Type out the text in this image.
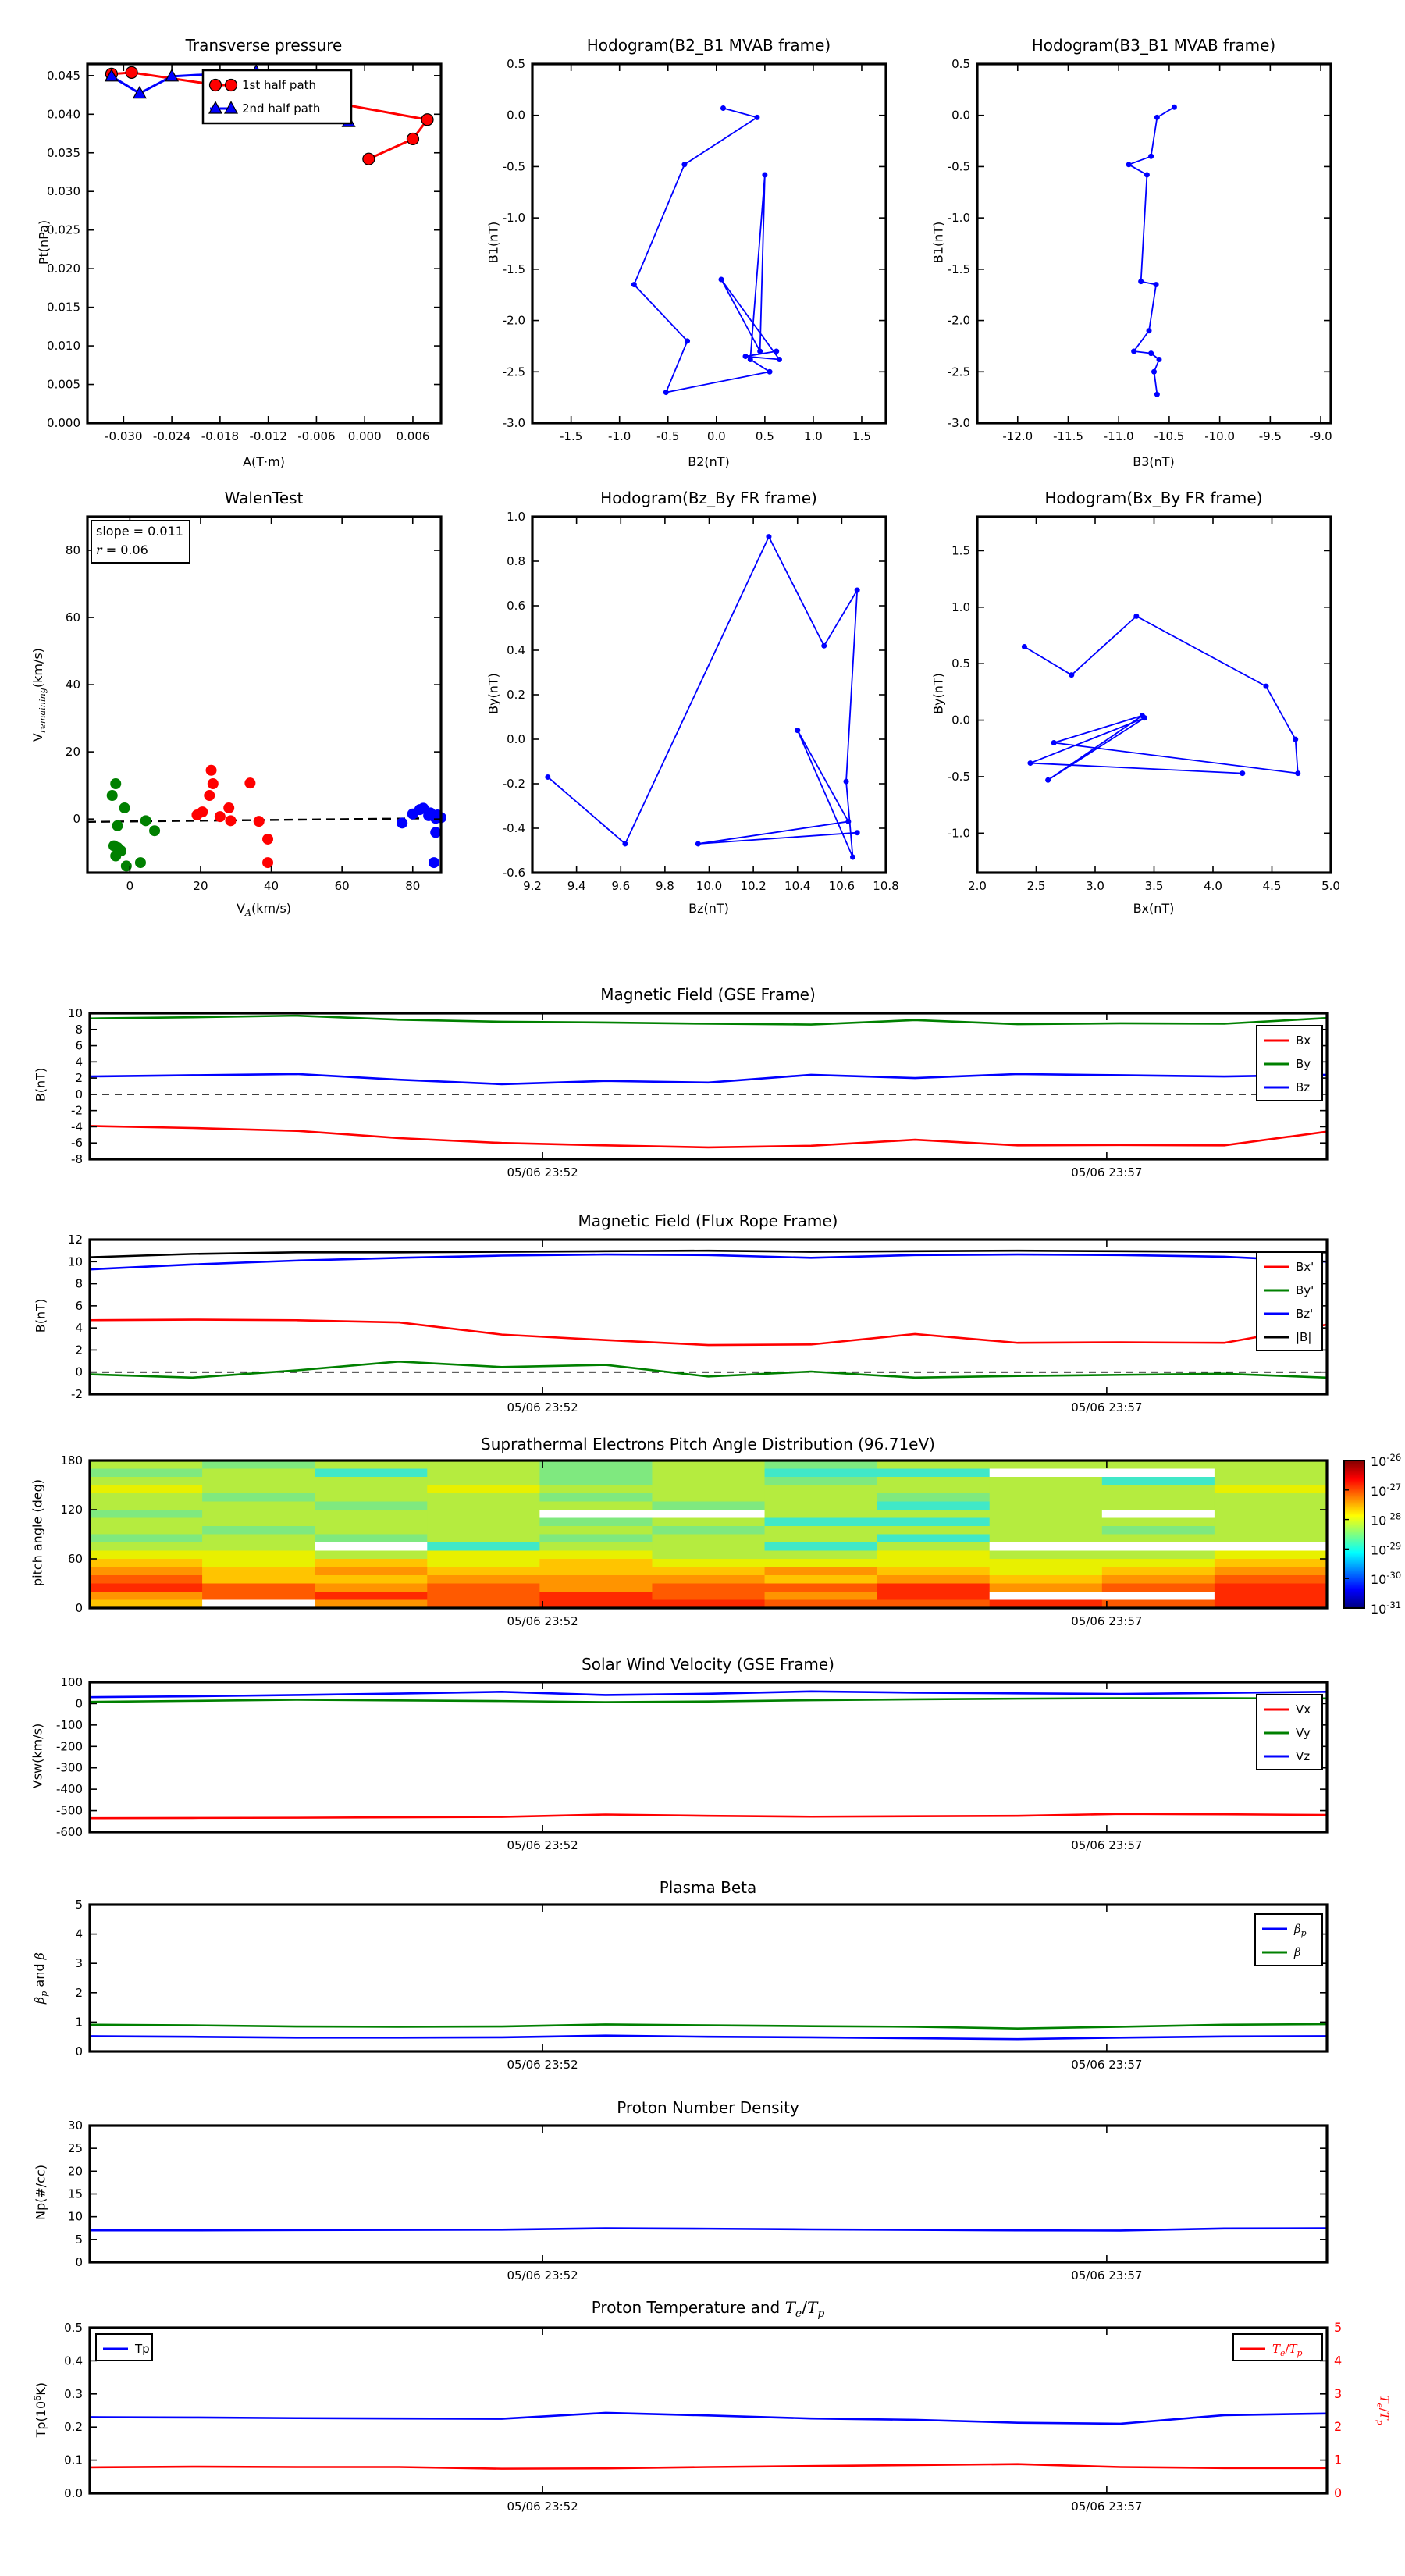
-0.030 -0.024 -0.018 -0.012 -0.006 0.000 0.006
0.000
0.005
0.010
0.015
0.020
0.025
0.030
0.035
0.040
0.045
1st half path
2nd half path
-1.5 -1.0 -0.5 0.0	0.5	1.0	1.5
0.5
0.0
-0.5
-1.0
-1.5
-2.0
-2.5
-3.0
-12.0 -11.5 -11.0 -10.5 -10.0 -9.5 -9.0
0.5
0.0
-0.5
-1.0
-1.5
-2.0
-2.5
-3.0
0	20	40	60	80
0
20
40
60
80
9.2 9.4 9.6 9.8 10.0 10.2 10.4 10.6 10.8
1.0
0.8
0.6
0.4
0.2
0.0
-0.2
-0.4
-0.6
2.0	2.5	3.0	3.5	4.0	4.5	5.0
1.5
1.0
0.5
0.0
-0.5
-1.0
05/06 23:52	05/06 23:57
-8
-6
-4
-2
0
2
4
6
8
10
Bx
By
Bz
05/06 23:52	05/06 23:57
-2
0
2
4
6
8
10
12
Bx'
By'
Bz'
|B|
05/06 23:52	05/06 23:57
0
60
120
180
05/06 23:52	05/06 23:57
-600
-500
-400
-300
-200
-100
0
100
Vx
Vy
Vz
05/06 23:52	05/06 23:57
0
1
2
3
4
5
$\beta_p$
β
05/06 23:52	05/06 23:57
0
5
10
15
20
25
30
05/06 23:52	05/06 23:57
0.0
0.1
0.2
0.3
0.4
0.5
0
1
2
3
4
5
Tp	$T_e/T_p$
$10^{-26}$
$10^{-27}$
$10^{-28}$
$10^{-29}$
$10^{-30}$
$10^{-31}$
Transverse pressure	Hodogram(B2_B1 MVAB frame)	Hodogram(B3_B1 MVAB frame)
WalenTest	Hodogram(Bz_By FR frame)	Hodogram(Bx_By FR frame)
Magnetic Field (GSE Frame)
Magnetic Field (Flux Rope Frame)
Suprathermal Electrons Pitch Angle Distribution (96.71eV)
Solar Wind Velocity (GSE Frame)
Plasma Beta
Proton Number Density
Proton Temperature and $T_e/T_p$
Pt(nPa)	B1(nT)	B1(nT)
$V_{remaining}(km/s)$
By(nT)	By(nT)
B(nT)
B(nT)
pitch angle (deg)
Vsw(km/s)
$\beta_p$ and β
Np(#/cc)
$Tp(10^6K)$
$T_e/T_p$
A(T·m)	B2(nT)	B3(nT)
$V_A(km/s)$	Bz(nT)	Bx(nT)
slope = 0.011
r = 0.06
